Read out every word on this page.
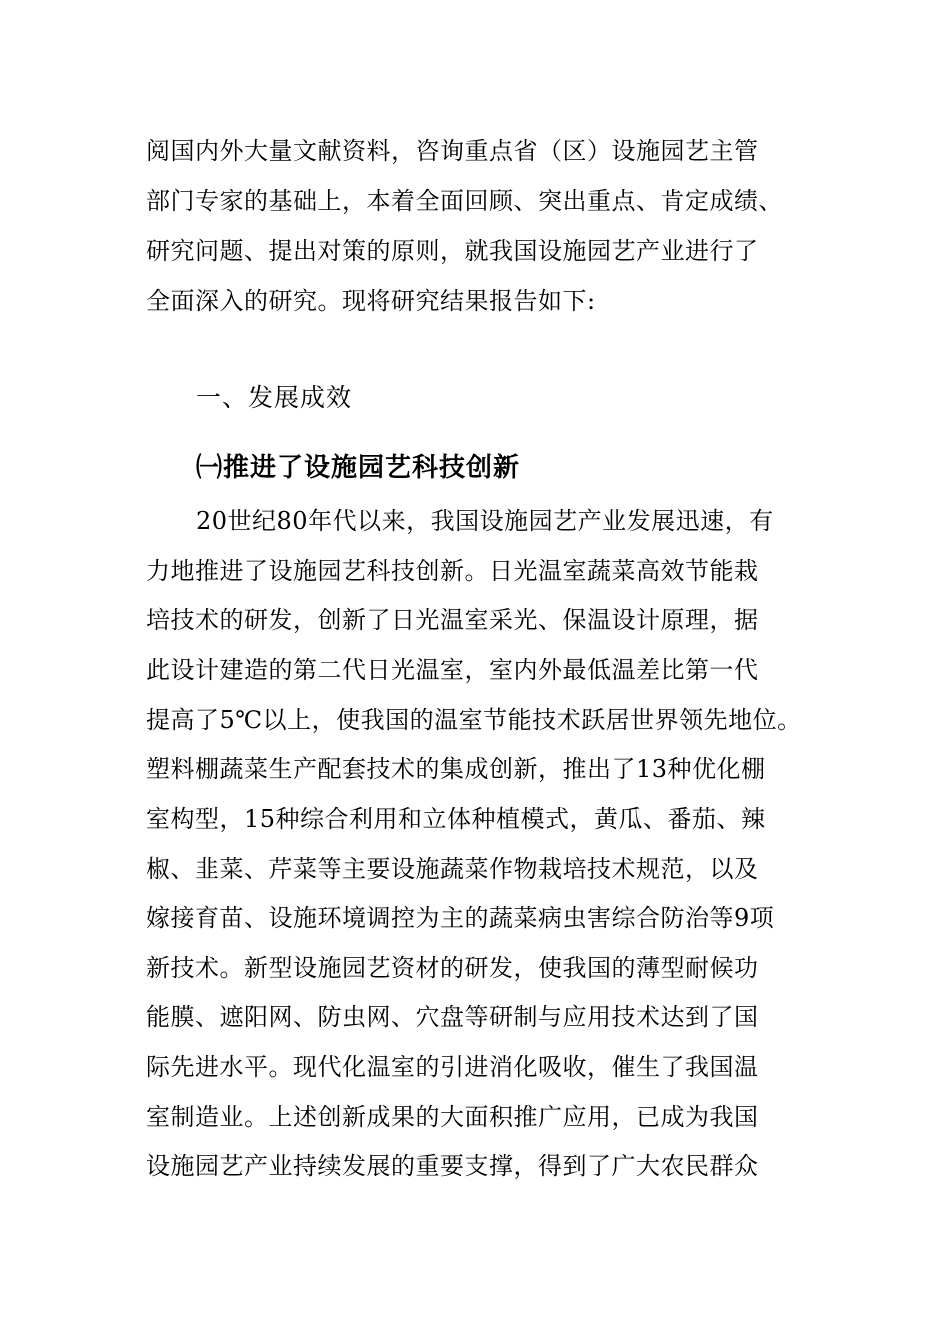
阅国内外大量文献资料，咨询重点省（区）设施园艺主管
部门专家的基础上，本着全面回顾、突出重点、肯定成绩、
研究问题、提出对策的原则，就我国设施园艺产业进行了
全面深入的研究。现将研究结果报告如下:
一、发展成效
㈠推进了设施园艺科技创新
20世纪80年代以来，我国设施园艺产业发展迅速，有
力地推进了设施园艺科技创新。日光温室蔬菜高效节能栽
培技术的研发，创新了日光温室采光、保温设计原理，据
此设计建造的第二代日光温室，室内外最低温差比第一代
提高了5℃以上，使我国的温室节能技术跃居世界领先地位。
塑料棚蔬菜生产配套技术的集成创新，推出了13种优化棚
室构型，15种综合利用和立体种植模式，黄瓜、番茄、辣
椒、韭菜、芹菜等主要设施蔬菜作物栽培技术规范，以及
嫁接育苗、设施环境调控为主的蔬菜病虫害综合防治等9项
新技术。新型设施园艺资材的研发，使我国的薄型耐候功
能膜、遮阳网、防虫网、穴盘等研制与应用技术达到了国
际先进水平。现代化温室的引进消化吸收，催生了我国温
室制造业。上述创新成果的大面积推广应用，已成为我国
设施园艺产业持续发展的重要支撑，得到了广大农民群众
